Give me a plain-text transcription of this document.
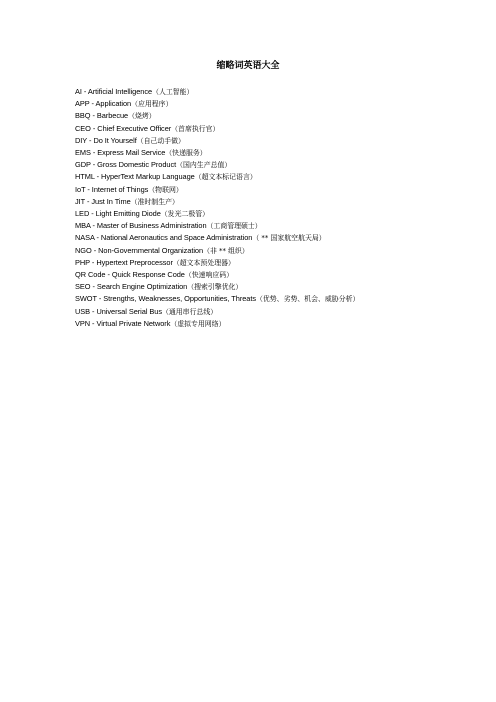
缩略词英语大全
AI - Artificial Intelligence（人工智能）
APP - Application（应用程序）
BBQ - Barbecue（烧烤）
CEO - Chief Executive Officer（首席执行官）
DIY - Do It Yourself（自己动手做）
EMS - Express Mail Service（快递服务）
GDP - Gross Domestic Product（国内生产总值）
HTML - HyperText Markup Language（超文本标记语言）
IoT - Internet of Things（物联网）
JIT - Just In Time（准时制生产）
LED - Light Emitting Diode（发光二极管）
MBA - Master of Business Administration（工商管理硕士）
NASA - National Aeronautics and Space Administration（ ** 国家航空航天局）
NGO - Non-Governmental Organization（非 ** 组织）
PHP - Hypertext Preprocessor（超文本预处理器）
QR Code - Quick Response Code（快速响应码）
SEO - Search Engine Optimization（搜索引擎优化）
SWOT - Strengths, Weaknesses, Opportunities, Threats（优势、劣势、机会、威胁分析）
USB - Universal Serial Bus（通用串行总线）
VPN - Virtual Private Network（虚拟专用网络）
